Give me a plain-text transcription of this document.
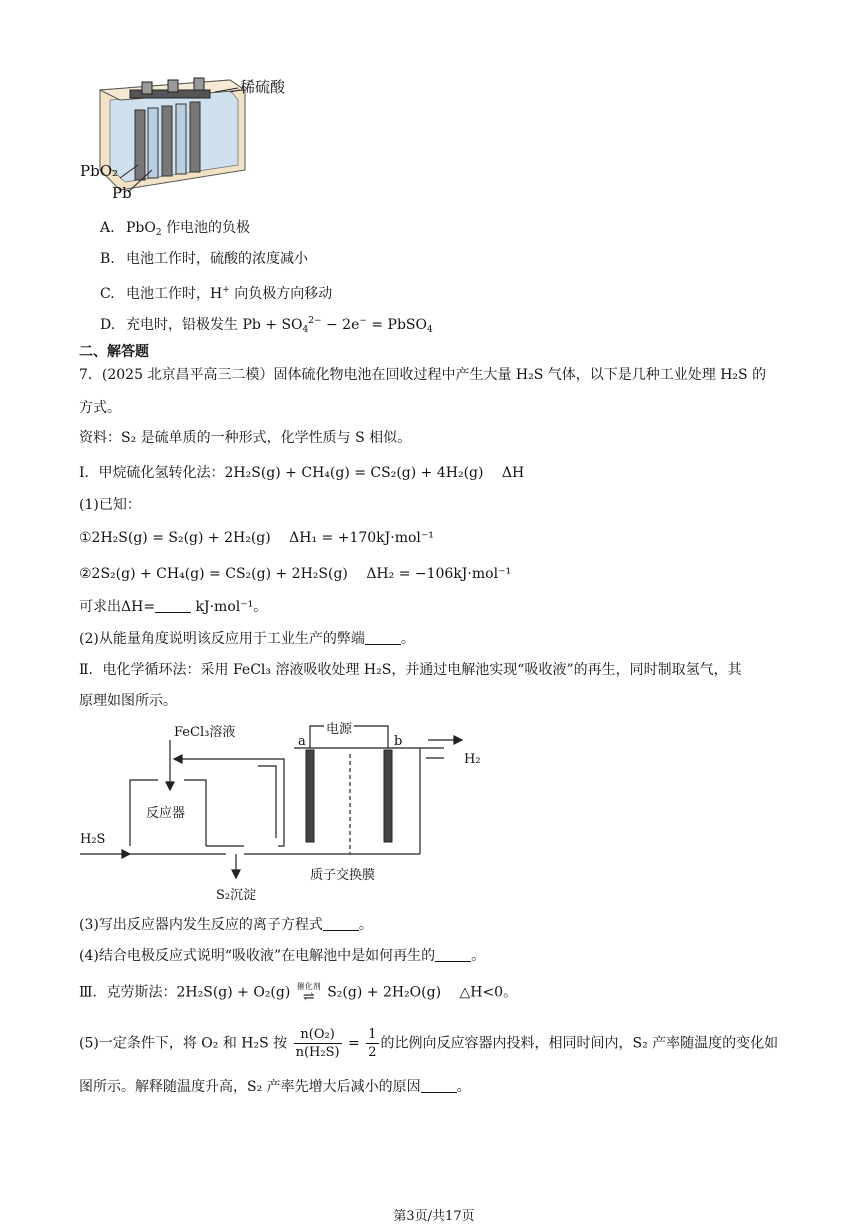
稀硫酸
PbO₂
Pb
A. PbO$_2$ 作电池的负极
B. 电池工作时，硫酸的浓度减小
C. 电池工作时，H+ 向负极方向移动
D. 充电时，铅极发生 $Pb + SO_4^{2-} - 2e^-$ = PbSO$_4$
二、解答题
7．(2025 北京昌平高三二模）固体硫化物电池在回收过程中产生大量 H₂S 气体，以下是几种工业处理 H₂S 的
方式。
资料：S₂ 是硫单质的一种形式，化学性质与 S 相似。
Ⅰ．甲烷硫化氢转化法：2H₂S(g) + CH₄(g) = CS₂(g) + 4H₂(g)　 ΔH
(1)已知：
①2H₂S(g) = S₂(g) + 2H₂(g)　 ΔH₁ = +170kJ·mol⁻¹
②2S₂(g) + CH₄(g) = CS₂(g) + 2H₂S(g)　 ΔH₂ = −106kJ·mol⁻¹
可求出ΔH=	kJ·mol⁻¹。
(2)从能量角度说明该反应用于工业生产的弊端	。
Ⅱ．电化学循环法：采用 FeCl₃ 溶液吸收处理 H₂S，并通过电解池实现“吸收液”的再生，同时制取氢气，其
原理如图所示。
FeCl₃溶液	电源
a	b
H₂
反应器
H₂S
S₂沉淀
质子交换膜
(3)写出反应器内发生反应的离子方程式	。
(4)结合电极反应式说明“吸收液”在电解池中是如何再生的	。
Ⅲ．克劳斯法：2H₂S(g) + O₂(g) 催化剂
⇌ S₂(g) + 2H₂O(g)　 △H<0。
(5)一定条件下，将 O₂ 和 H₂S 按 $\frac{\text{n(O₂)}}{\text{n(H₂S)}} = \frac{1}{2}$ 的比例向反应容器内投料，相同时间内，S₂ 产率随温度的变化如
图所示。解释随温度升高，S₂ 产率先增大后减小的原因	。
第3页/共17页
